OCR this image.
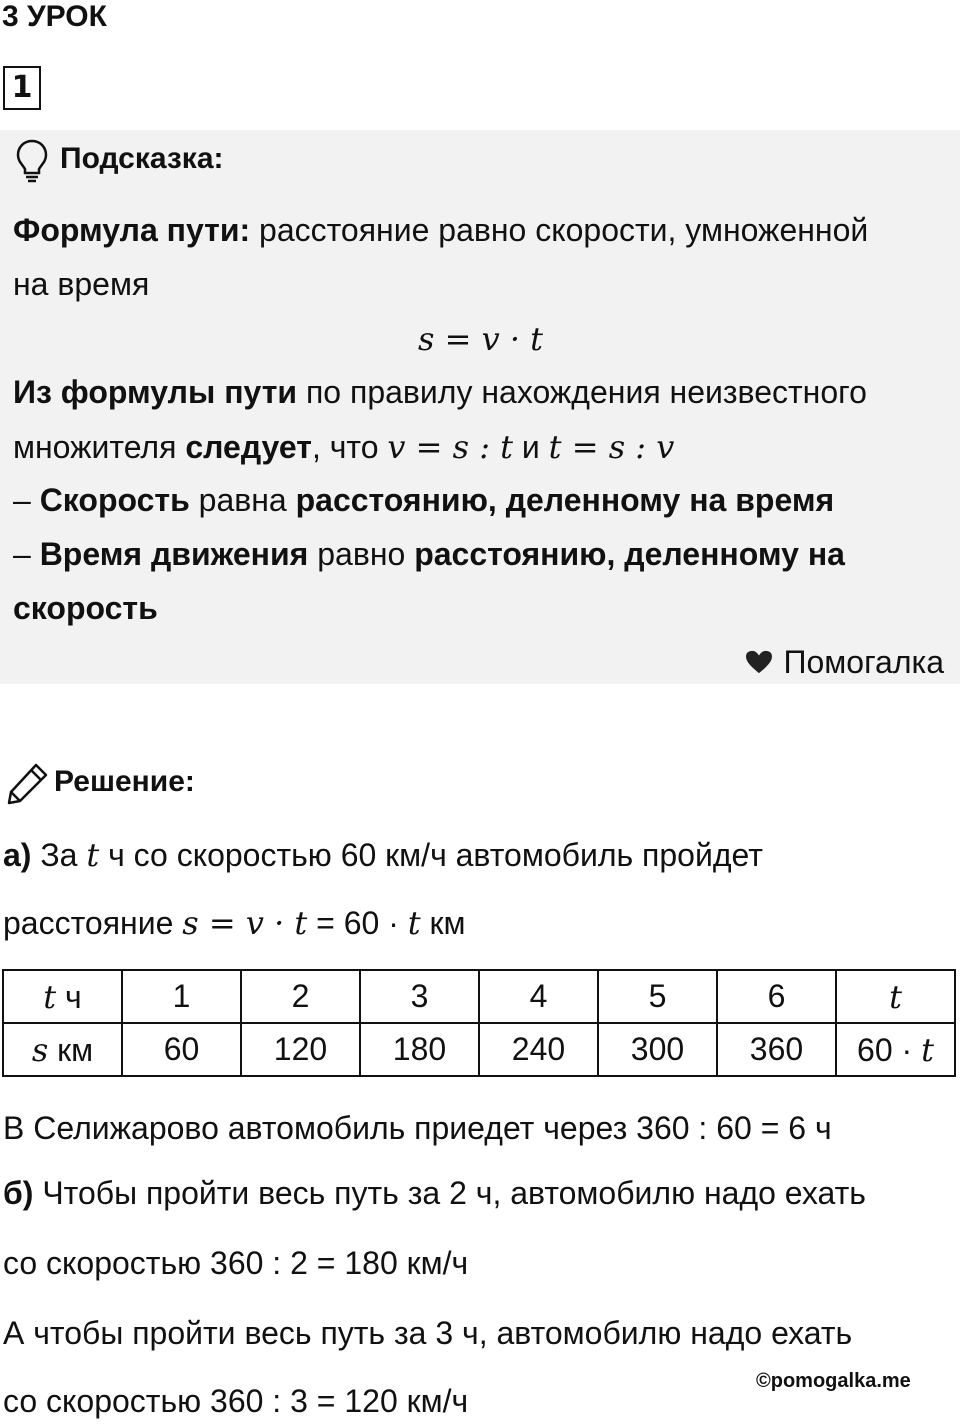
3 УРОК
1
Подсказка:
Формула пути: расстояние равно скорости, умноженной
на время
s = v · t
Из формулы пути по правилу нахождения неизвестного
множителя следует, что v = s : t и t = s : v
– Скорость равна расстоянию, деленному на время
– Время движения равно расстоянию, деленному на
скорость
Помогалка
Решение:
а) За t ч со скоростью 60 км/ч автомобиль пройдет
расстояние s = v · t = 60 · t км
t ч	1	2	3	4	5	6	t
s км	60	120	180	240	300	360	60 · t
В Селижарово автомобиль приедет через 360 : 60 = 6 ч
б) Чтобы пройти весь путь за 2 ч, автомобилю надо ехать
со скоростью 360 : 2 = 180 км/ч
А чтобы пройти весь путь за 3 ч, автомобилю надо ехать
со скоростью 360 : 3 = 120 км/ч
©pomogalka.me
